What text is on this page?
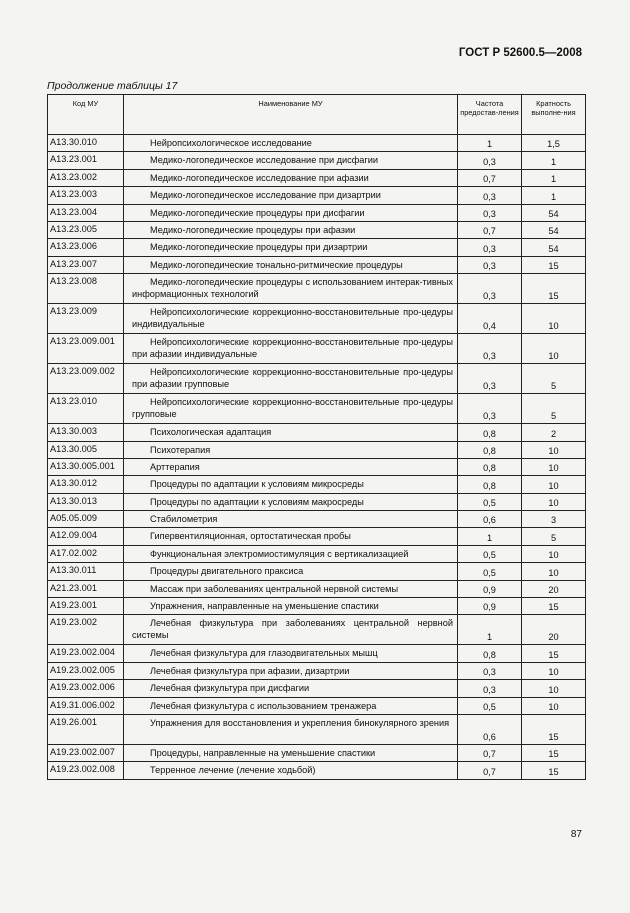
ГОСТ Р 52600.5—2008
Продолжение таблицы 17
Код МУ	Наименование МУ	Частота предостав-ления	Кратность выполне-ния
A13.30.010	Нейропсихологическое исследование	1	1,5
A13.23.001	Медико-логопедическое исследование при дисфагии	0,3	1
A13.23.002	Медико-логопедическое исследование при афазии	0,7	1
A13.23.003	Медико-логопедическое исследование при дизартрии	0,3	1
A13.23.004	Медико-логопедические процедуры при дисфагии	0,3	54
A13.23.005	Медико-логопедические процедуры при афазии	0,7	54
A13.23.006	Медико-логопедические процедуры при дизартрии	0,3	54
A13.23.007	Медико-логопедические тонально-ритмические процедуры	0,3	15
A13.23.008	Медико-логопедические процедуры с использованием интерак-тивных информационных технологий	0,3	15
A13.23.009	Нейропсихологические коррекционно-восстановительные про-цедуры индивидуальные	0,4	10
A13.23.009.001	Нейропсихологические коррекционно-восстановительные про-цедуры при афазии индивидуальные	0,3	10
A13.23.009.002	Нейропсихологические коррекционно-восстановительные про-цедуры при афазии групповые	0,3	5
A13.23.010	Нейропсихологические коррекционно-восстановительные про-цедуры групповые	0,3	5
A13.30.003	Психологическая адаптация	0,8	2
A13.30.005	Психотерапия	0,8	10
A13.30.005.001	Арттерапия	0,8	10
A13.30.012	Процедуры по адаптации к условиям микросреды	0,8	10
A13.30.013	Процедуры по адаптации к условиям макросреды	0,5	10
A05.05.009	Стабилометрия	0,6	3
A12.09.004	Гипервентиляционная, ортостатическая пробы	1	5
A17.02.002	Функциональная электромиостимуляция с вертикализацией	0,5	10
A13.30.011	Процедуры двигательного праксиса	0,5	10
A21.23.001	Массаж при заболеваниях центральной нервной системы	0,9	20
A19.23.001	Упражнения, направленные на уменьшение спастики	0,9	15
A19.23.002	Лечебная физкультура при заболеваниях центральной нервной системы	1	20
A19.23.002.004	Лечебная физкультура для глазодвигательных мышц	0,8	15
A19.23.002.005	Лечебная физкультура при афазии, дизартрии	0,3	10
A19.23.002.006	Лечебная физкультура при дисфагии	0,3	10
A19.31.006.002	Лечебная физкультура с использованием тренажера	0,5	10
A19.26.001	Упражнения для восстановления и укрепления бинокулярного зрения	0,6	15
A19.23.002.007	Процедуры, направленные на уменьшение спастики	0,7	15
A19.23.002.008	Терренное лечение (лечение ходьбой)	0,7	15
87
